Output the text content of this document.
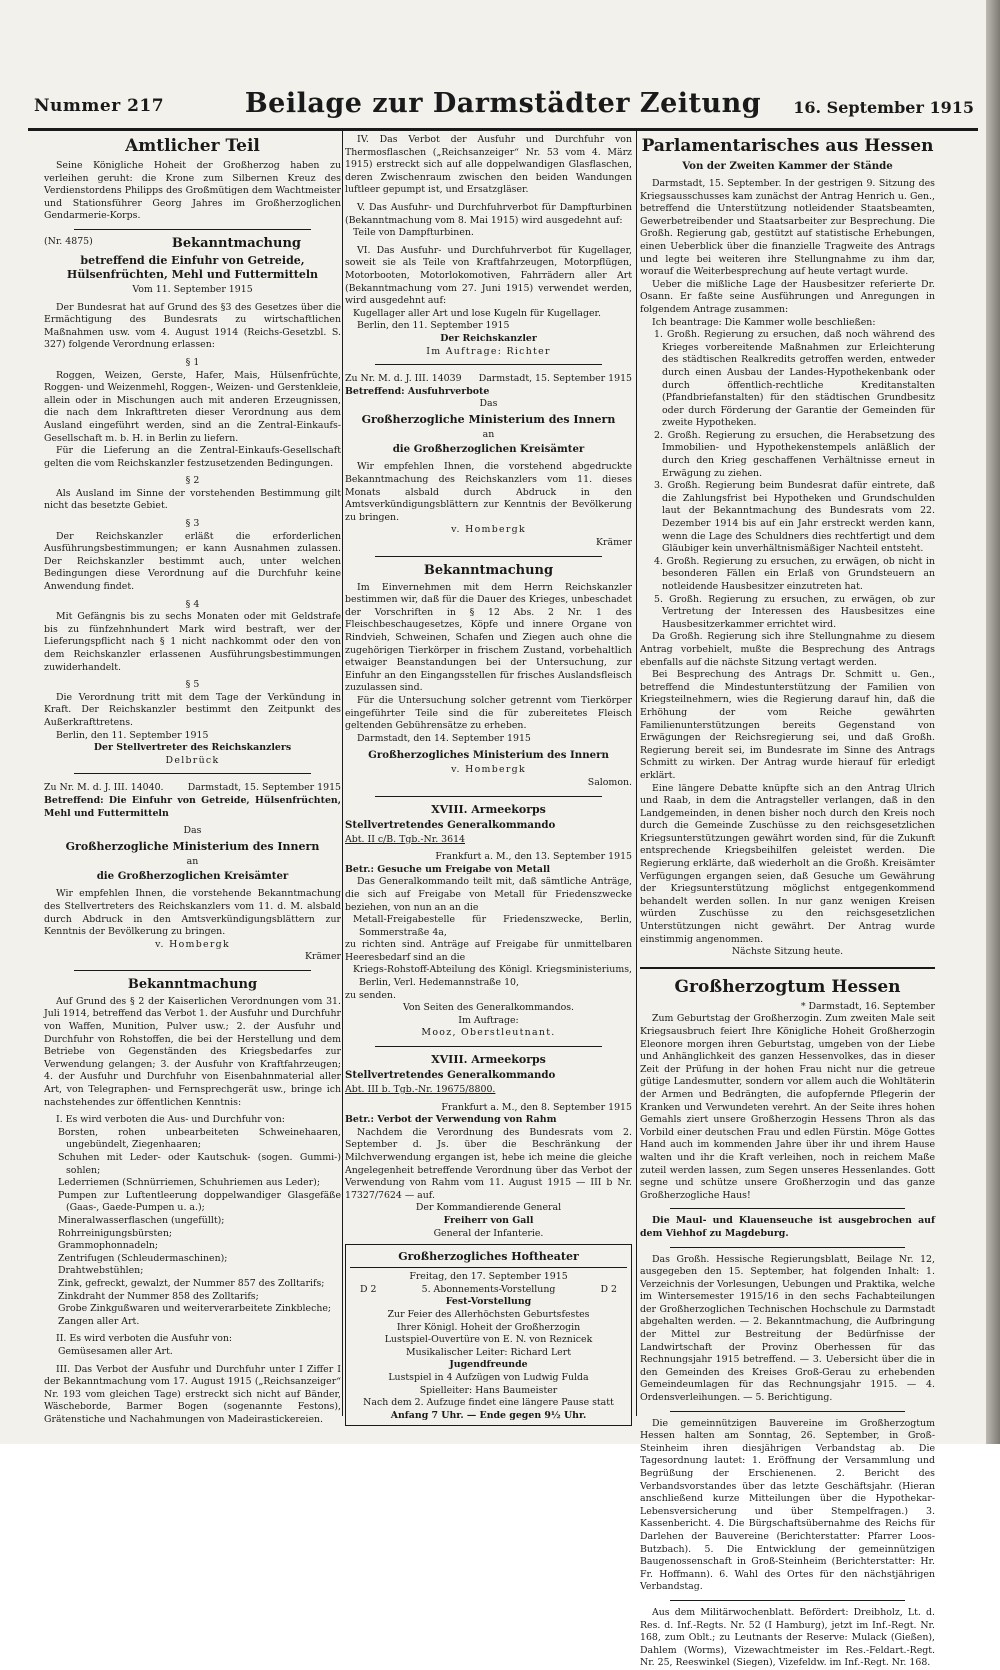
Nummer 217	Beilage zur Darmstädter Zeitung	16. September 1915
Amtlicher Teil

Seine Königliche Hoheit der Großherzog haben zu verleihen geruht: die Krone zum Silbernen Kreuz des Verdienstordens Philipps des Großmütigen dem Wachtmeister und Stationsführer Georg Jahres im Großherzoglichen Gendarmerie-Korps.

(Nr. 4875)	Bekanntmachung
betreffend die Einfuhr von Getreide, Hülsenfrüchten, Mehl und Futtermitteln

Vom 11. September 1915

Der Bundesrat hat auf Grund des §3 des Gesetzes über die Ermächtigung des Bundesrats zu wirtschaftlichen Maßnahmen usw. vom 4. August 1914 (Reichs-Gesetzbl. S. 327) folgende Verordnung erlassen:

§ 1

Roggen, Weizen, Gerste, Hafer, Mais, Hülsenfrüchte, Roggen- und Weizenmehl, Roggen-, Weizen- und Gerstenkleie, allein oder in Mischungen auch mit anderen Erzeugnissen, die nach dem Inkrafttreten dieser Verordnung aus dem Ausland eingeführt werden, sind an die Zentral-Einkaufs-Gesellschaft m. b. H. in Berlin zu liefern.

Für die Lieferung an die Zentral-Einkaufs-Gesellschaft gelten die vom Reichskanzler festzusetzenden Bedingungen.

§ 2

Als Ausland im Sinne der vorstehenden Bestimmung gilt nicht das besetzte Gebiet.

§ 3

Der Reichskanzler erläßt die erforderlichen Ausführungsbestimmungen; er kann Ausnahmen zulassen. Der Reichskanzler bestimmt auch, unter welchen Bedingungen diese Verordnung auf die Durchfuhr keine Anwendung findet.

§ 4

Mit Gefängnis bis zu sechs Monaten oder mit Geldstrafe bis zu fünfzehnhundert Mark wird bestraft, wer der Lieferungspflicht nach § 1 nicht nachkommt oder den von dem Reichskanzler erlassenen Ausführungsbestimmungen zuwiderhandelt.

§ 5

Die Verordnung tritt mit dem Tage der Verkündung in Kraft. Der Reichskanzler bestimmt den Zeitpunkt des Außerkrafttretens.

Berlin, den 11. September 1915

Der Stellvertreter des Reichskanzlers

Delbrück

Zu Nr. M. d. J. III. 14040.	Darmstadt, 15. September 1915

Betreffend: Die Einfuhr von Getreide, Hülsenfrüchten, Mehl und Futtermitteln

Das

Großherzogliche Ministerium des Innern

an

die Großherzoglichen Kreisämter

Wir empfehlen Ihnen, die vorstehende Bekanntmachung des Stellvertreters des Reichskanzlers vom 11. d. M. alsbald durch Abdruck in den Amtsverkündigungsblättern zur Kenntnis der Bevölkerung zu bringen.

v. Hombergk

Krämer

Bekanntmachung

Auf Grund des § 2 der Kaiserlichen Verordnungen vom 31. Juli 1914, betreffend das Verbot 1. der Ausfuhr und Durchfuhr von Waffen, Munition, Pulver usw.; 2. der Ausfuhr und Durchfuhr von Rohstoffen, die bei der Herstellung und dem Betriebe von Gegenständen des Kriegsbedarfes zur Verwendung gelangen; 3. der Ausfuhr von Kraftfahrzeugen; 4. der Ausfuhr und Durchfuhr von Eisenbahnmaterial aller Art, von Telegraphen- und Fernsprechgerät usw., bringe ich nachstehendes zur öffentlichen Kenntnis:

I. Es wird verboten die Aus- und Durchfuhr von:

Borsten, rohen unbearbeiteten Schweinehaaren, ungebündelt, Ziegenhaaren;

Schuhen mit Leder- oder Kautschuk- (sogen. Gummi-) sohlen;

Lederriemen (Schnürriemen, Schuhriemen aus Leder);

Pumpen zur Luftentleerung doppelwandiger Glasgefäße (Gaas-, Gaede-Pumpen u. a.);

Mineralwasserflaschen (ungefüllt);

Rohrreinigungsbürsten;

Grammophonnadeln;

Zentrifugen (Schleudermaschinen);

Drahtwebstühlen;

Zink, gefreckt, gewalzt, der Nummer 857 des Zolltarifs;

Zinkdraht der Nummer 858 des Zolltarifs;

Grobe Zinkgußwaren und weiterverarbeitete Zinkbleche;

Zangen aller Art.

II. Es wird verboten die Ausfuhr von:

Gemüsesamen aller Art.

III. Das Verbot der Ausfuhr und Durchfuhr unter I Ziffer I der Bekanntmachung vom 17. August 1915 („Reichsanzeiger“ Nr. 193 vom gleichen Tage) erstreckt sich nicht auf Bänder, Wäscheborde, Barmer Bogen (sogenannte Festons), Grätenstiche und Nachahmungen von Madeirastickereien.

IV. Das Verbot der Ausfuhr und Durchfuhr von Thermosflaschen („Reichsanzeiger“ Nr. 53 vom 4. März 1915) erstreckt sich auf alle doppelwandigen Glasflaschen, deren Zwischenraum zwischen den beiden Wandungen luftleer gepumpt ist, und Ersatzgläser.

V. Das Ausfuhr- und Durchfuhrverbot für Dampfturbinen (Bekanntmachung vom 8. Mai 1915) wird ausgedehnt auf:

Teile von Dampfturbinen.

VI. Das Ausfuhr- und Durchfuhrverbot für Kugellager, soweit sie als Teile von Kraftfahrzeugen, Motorpflügen, Motorbooten, Motorlokomotiven, Fahrrädern aller Art (Bekanntmachung vom 27. Juni 1915) verwendet werden, wird ausgedehnt auf:

Kugellager aller Art und lose Kugeln für Kugellager.

Berlin, den 11. September 1915

Der Reichskanzler

Im Auftrage: Richter

Zu Nr. M. d. J. III. 14039 Darmstadt, 15. September 1915

Betreffend: Ausfuhrverbote

Das

Großherzogliche Ministerium des Innern

an

die Großherzoglichen Kreisämter

Wir empfehlen Ihnen, die vorstehend abgedruckte Bekanntmachung des Reichskanzlers vom 11. dieses Monats alsbald durch Abdruck in den Amtsverkündigungsblättern zur Kenntnis der Bevölkerung zu bringen.

v. Hombergk

Krämer

Bekanntmachung

Im Einvernehmen mit dem Herrn Reichskanzler bestimmen wir, daß für die Dauer des Krieges, unbeschadet der Vorschriften in § 12 Abs. 2 Nr. 1 des Fleischbeschaugesetzes, Köpfe und innere Organe von Rindvieh, Schweinen, Schafen und Ziegen auch ohne die zugehörigen Tierkörper in frischem Zustand, vorbehaltlich etwaiger Beanstandungen bei der Untersuchung, zur Einfuhr an den Eingangsstellen für frisches Auslandsfleisch zuzulassen sind.

Für die Untersuchung solcher getrennt vom Tierkörper eingeführter Teile sind die für zubereitetes Fleisch geltenden Gebührensätze zu erheben.

Darmstadt, den 14. September 1915

Großherzogliches Ministerium des Innern

v. Hombergk

Salomon.

XVIII. Armeekorps
Stellvertretendes Generalkommando

Abt. II c/B. Tgb.-Nr. 3614

Frankfurt a. M., den 13. September 1915

Betr.: Gesuche um Freigabe von Metall

Das Generalkommando teilt mit, daß sämtliche Anträge, die sich auf Freigabe von Metall für Friedenszwecke beziehen, von nun an an die

Metall-Freigabestelle für Friedenszwecke, Berlin, Sommerstraße 4a,

zu richten sind. Anträge auf Freigabe für unmittelbaren Heeresbedarf sind an die

Kriegs-Rohstoff-Abteilung des Königl. Kriegsministeriums, Berlin, Verl. Hedemannstraße 10,

zu senden.

Von Seiten des Generalkommandos.

Im Auftrage:

Mooz, Oberstleutnant.

XVIII. Armeekorps
Stellvertretendes Generalkommando

Abt. III b. Tgb.-Nr. 19675/8800.

Frankfurt a. M., den 8. September 1915

Betr.: Verbot der Verwendung von Rahm

Nachdem die Verordnung des Bundesrats vom 2. September d. Js. über die Beschränkung der Milchverwendung ergangen ist, hebe ich meine die gleiche Angelegenheit betreffende Verordnung über das Verbot der Verwendung von Rahm vom 11. August 1915 — III b Nr. 17327/7624 — auf.

Der Kommandierende General

Freiherr von Gall

General der Infanterie.

Großherzogliches Hoftheater

Freitag, den 17. September 1915

D 2	5. Abonnements-Vorstellung	D 2

Fest-Vorstellung

Zur Feier des Allerhöchsten Geburtsfestes

Ihrer Königl. Hoheit der Großherzogin

Lustspiel-Ouvertüre von E. N. von Reznicek

Musikalischer Leiter: Richard Lert

Jugendfreunde

Lustspiel in 4 Aufzügen von Ludwig Fulda

Spielleiter: Hans Baumeister

Nach dem 2. Aufzuge findet eine längere Pause statt

Anfang 7 Uhr. — Ende gegen 9½ Uhr.

Parlamentarisches aus Hessen
Von der Zweiten Kammer der Stände

Darmstadt, 15. September. In der gestrigen 9. Sitzung des Kriegsausschusses kam zunächst der Antrag Henrich u. Gen., betreffend die Unterstützung notleidender Staatsbeamten, Gewerbetreibender und Staatsarbeiter zur Besprechung. Die Großh. Regierung gab, gestützt auf statistische Erhebungen, einen Ueberblick über die finanzielle Tragweite des Antrags und legte bei weiteren ihre Stellungnahme zu ihm dar, worauf die Weiterbesprechung auf heute vertagt wurde.

Ueber die mißliche Lage der Hausbesitzer referierte Dr. Osann. Er faßte seine Ausführungen und Anregungen in folgendem Antrage zusammen:

Ich beantrage: Die Kammer wolle beschließen:

1. Großh. Regierung zu ersuchen, daß noch während des Krieges vorbereitende Maßnahmen zur Erleichterung des städtischen Realkredits getroffen werden, entweder durch einen Ausbau der Landes-Hypothekenbank oder durch öffentlich-rechtliche Kreditanstalten (Pfandbriefanstalten) für den städtischen Grundbesitz oder durch Förderung der Garantie der Gemeinden für zweite Hypotheken.

2. Großh. Regierung zu ersuchen, die Herabsetzung des Immobilien- und Hypothekenstempels anläßlich der durch den Krieg geschaffenen Verhältnisse erneut in Erwägung zu ziehen.

3. Großh. Regierung beim Bundesrat dafür eintrete, daß die Zahlungsfrist bei Hypotheken und Grundschulden laut der Bekanntmachung des Bundesrats vom 22. Dezember 1914 bis auf ein Jahr erstreckt werden kann, wenn die Lage des Schuldners dies rechtfertigt und dem Gläubiger kein unverhältnismäßiger Nachteil entsteht.

4. Großh. Regierung zu ersuchen, zu erwägen, ob nicht in besonderen Fällen ein Erlaß von Grundsteuern an notleidende Hausbesitzer einzutreten hat.

5. Großh. Regierung zu ersuchen, zu erwägen, ob zur Vertretung der Interessen des Hausbesitzes eine Hausbesitzerkammer errichtet wird.

Da Großh. Regierung sich ihre Stellungnahme zu diesem Antrag vorbehielt, mußte die Besprechung des Antrags ebenfalls auf die nächste Sitzung vertagt werden.

Bei Besprechung des Antrags Dr. Schmitt u. Gen., betreffend die Mindestunterstützung der Familien von Kriegsteilnehmern, wies die Regierung darauf hin, daß die Erhöhung der vom Reiche gewährten Familienunterstützungen bereits Gegenstand von Erwägungen der Reichsregierung sei, und daß Großh. Regierung bereit sei, im Bundesrate im Sinne des Antrags Schmitt zu wirken. Der Antrag wurde hierauf für erledigt erklärt.

Eine längere Debatte knüpfte sich an den Antrag Ulrich und Raab, in dem die Antragsteller verlangen, daß in den Landgemeinden, in denen bisher noch durch den Kreis noch durch die Gemeinde Zuschüsse zu den reichsgesetzlichen Kriegsunterstützungen gewährt worden sind, für die Zukunft entsprechende Kriegsbeihilfen geleistet werden. Die Regierung erklärte, daß wiederholt an die Großh. Kreisämter Verfügungen ergangen seien, daß Gesuche um Gewährung der Kriegsunterstützung möglichst entgegenkommend behandelt werden sollen. In nur ganz wenigen Kreisen würden Zuschüsse zu den reichsgesetzlichen Unterstützungen nicht gewährt. Der Antrag wurde einstimmig angenommen.

Nächste Sitzung heute.

Großherzogtum Hessen

* Darmstadt, 16. September

Zum Geburtstag der Großherzogin. Zum zweiten Male seit Kriegsausbruch feiert Ihre Königliche Hoheit Großherzogin Eleonore morgen ihren Geburtstag, umgeben von der Liebe und Anhänglichkeit des ganzen Hessenvolkes, das in dieser Zeit der Prüfung in der hohen Frau nicht nur die getreue gütige Landesmutter, sondern vor allem auch die Wohltäterin der Armen und Bedrängten, die aufopfernde Pflegerin der Kranken und Verwundeten verehrt. An der Seite ihres hohen Gemahls ziert unsere Großherzogin Hessens Thron als das Vorbild einer deutschen Frau und edlen Fürstin. Möge Gottes Hand auch im kommenden Jahre über ihr und ihrem Hause walten und ihr die Kraft verleihen, noch in reichem Maße zuteil werden lassen, zum Segen unseres Hessenlandes. Gott segne und schütze unsere Großherzogin und das ganze Großherzogliche Haus!

Die Maul- und Klauenseuche ist ausgebrochen auf dem Viehhof zu Magdeburg.

Das Großh. Hessische Regierungsblatt, Beilage Nr. 12, ausgegeben den 15. September, hat folgenden Inhalt: 1. Verzeichnis der Vorlesungen, Uebungen und Praktika, welche im Wintersemester 1915/16 in den sechs Fachabteilungen der Großherzoglichen Technischen Hochschule zu Darmstadt abgehalten werden. — 2. Bekanntmachung, die Aufbringung der Mittel zur Bestreitung der Bedürfnisse der Landwirtschaft der Provinz Oberhessen für das Rechnungsjahr 1915 betreffend. — 3. Uebersicht über die in den Gemeinden des Kreises Groß-Gerau zu erhebenden Gemeindeumlagen für das Rechnungsjahr 1915. — 4. Ordensverleihungen. — 5. Berichtigung.

Die gemeinnützigen Bauvereine im Großherzogtum Hessen halten am Sonntag, 26. September, in Groß-Steinheim ihren diesjährigen Verbandstag ab. Die Tagesordnung lautet: 1. Eröffnung der Versammlung und Begrüßung der Erschienenen. 2. Bericht des Verbandsvorstandes über das letzte Geschäftsjahr. (Hieran anschließend kurze Mitteilungen über die Hypothekar-Lebensversicherung und über Stempelfragen.) 3. Kassenbericht. 4. Die Bürgschaftsübernahme des Reichs für Darlehen der Bauvereine (Berichterstatter: Pfarrer Loos-Butzbach). 5. Die Entwicklung der gemeinnützigen Baugenossenschaft in Groß-Steinheim (Berichterstatter: Hr. Fr. Hoffmann). 6. Wahl des Ortes für den nächstjährigen Verbandstag.

Aus dem Militärwochenblatt. Befördert: Dreibholz, Lt. d. Res. d. Inf.-Regts. Nr. 52 (I Hamburg), jetzt im Inf.-Regt. Nr. 168, zum Oblt.; zu Leutnants der Reserve: Mulack (Gießen), Dahlem (Worms), Vizewachtmeister im Res.-Feldart.-Regt. Nr. 25, Reeswinkel (Siegen), Vizefeldw. im Inf.-Regt. Nr. 168.
